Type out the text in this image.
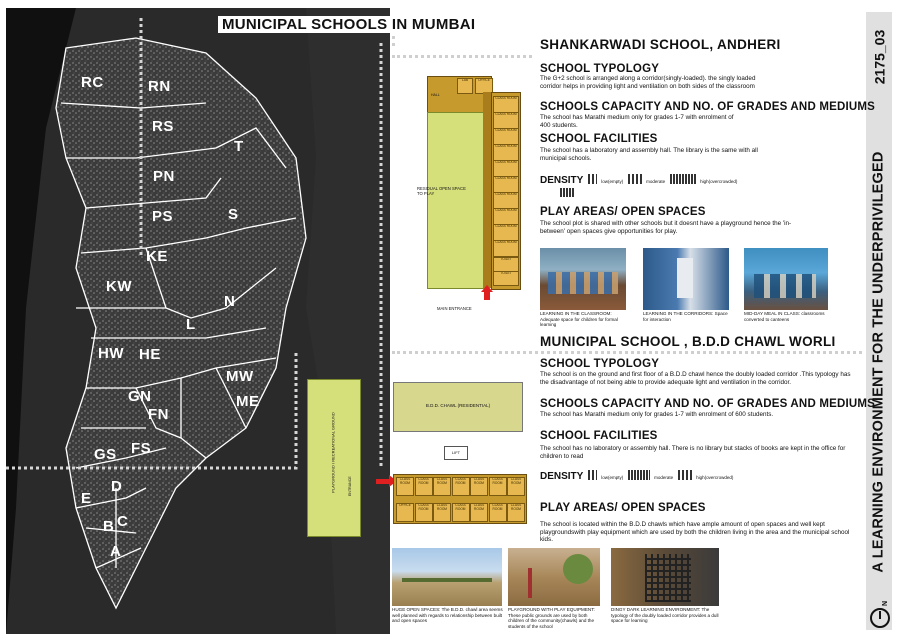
RC	RN
RS
T
PN
PS	S
KE
KW
N
L
HW HE
MW
GN	ME
FN
FS
GS
E
D
B C
A
MUNICIPAL SCHOOLS IN MUMBAI
2175_03
A LEARNING ENVIRONMENT FOR THE UNDERPRIVILEGED
N
SHANKARWADI SCHOOL, ANDHERI
HALL
LAB	OFFICE
RESIDUAL OPEN SPACE TO PLAY
CLASS ROOM
CLASS ROOM
CLASS ROOM
CLASS ROOM
CLASS ROOM
CLASS ROOM
CLASS ROOM
CLASS ROOM
CLASS ROOM
CLASS ROOM
TOILET
TOILET
MAIN ENTRANCE
SCHOOL TYPOLOGY
The G+2 school is arranged along a corridor(singly-loaded). the singly loaded corridor helps in providing light and ventilation on both sides of the classroom
SCHOOLS CAPACITY AND NO. OF GRADES AND MEDIUMS
The school has Marathi medium only for grades 1-7 with enrolment of 400 students.
SCHOOL FACILITIES
The school has a laboratory and assembly hall. The library is the same with all municipal schools.
DENSITY	low(empty)	moderate	high(overcrowded)
PLAY AREAS/ OPEN SPACES
The school plot is shared with other schools but it doesnt have a playground hence the 'in-between' open spaces give opportunities for play.
LEARNING IN THE CLASSROOM: Adequate space for children for formal learning
LEARNING IN THE CORRIDORS: Space for interaction
MID-DAY MEAL IN CLASS: classrooms converted to canteens
MUNICIPAL SCHOOL , B.D.D CHAWL WORLI
PLAYGROUND / RECREATIONAL GROUND	ENTRANCE
B.D.D. CHAWL (RESIDENTIAL)
LIFT
CLASS ROOM
CLASS ROOM
CLASS ROOM
CLASS ROOM
CLASS ROOM
CLASS ROOM
CLASS ROOM
OFFICE	CLASS ROOM
CLASS ROOM
CLASS ROOM
CLASS ROOM
CLASS ROOM
CLASS ROOM
SCHOOL TYPOLOGY
The school is on the ground and first floor of a B.D.D chawl hence the doubly loaded corridor .This typology has the disadvantage of not being able to provide adequate light and ventilation in the corridor.
SCHOOLS CAPACITY AND NO. OF GRADES AND MEDIUMS
The school has Marathi medium only for grades 1-7 with enrolment of 600 students.
SCHOOL FACILITIES
The school has no laboratory or assembly hall. There is no library but stacks of books are kept in the office for children to read
DENSITY	low(empty)	moderate	high(overcrowded)
PLAY AREAS/ OPEN SPACES
The school is located within the B.D.D chawls which have ample amount of open spaces and well kept playgroundswith play equipment which are used by both the children living in the area and the municipal school kids.
HUGE OPEN SPACES: The B.D.D. chawl area seems well planned with regards to relationship between built and open spaces
PLAYGROUND WITH PLAY EQUIPMENT: These public grounds are used by both children of the community(chawls) and the students of the school
DINGY DARK LEARNING ENVIRONMENT: The typology of the doubly loaded corridor provides a dull space for learning
